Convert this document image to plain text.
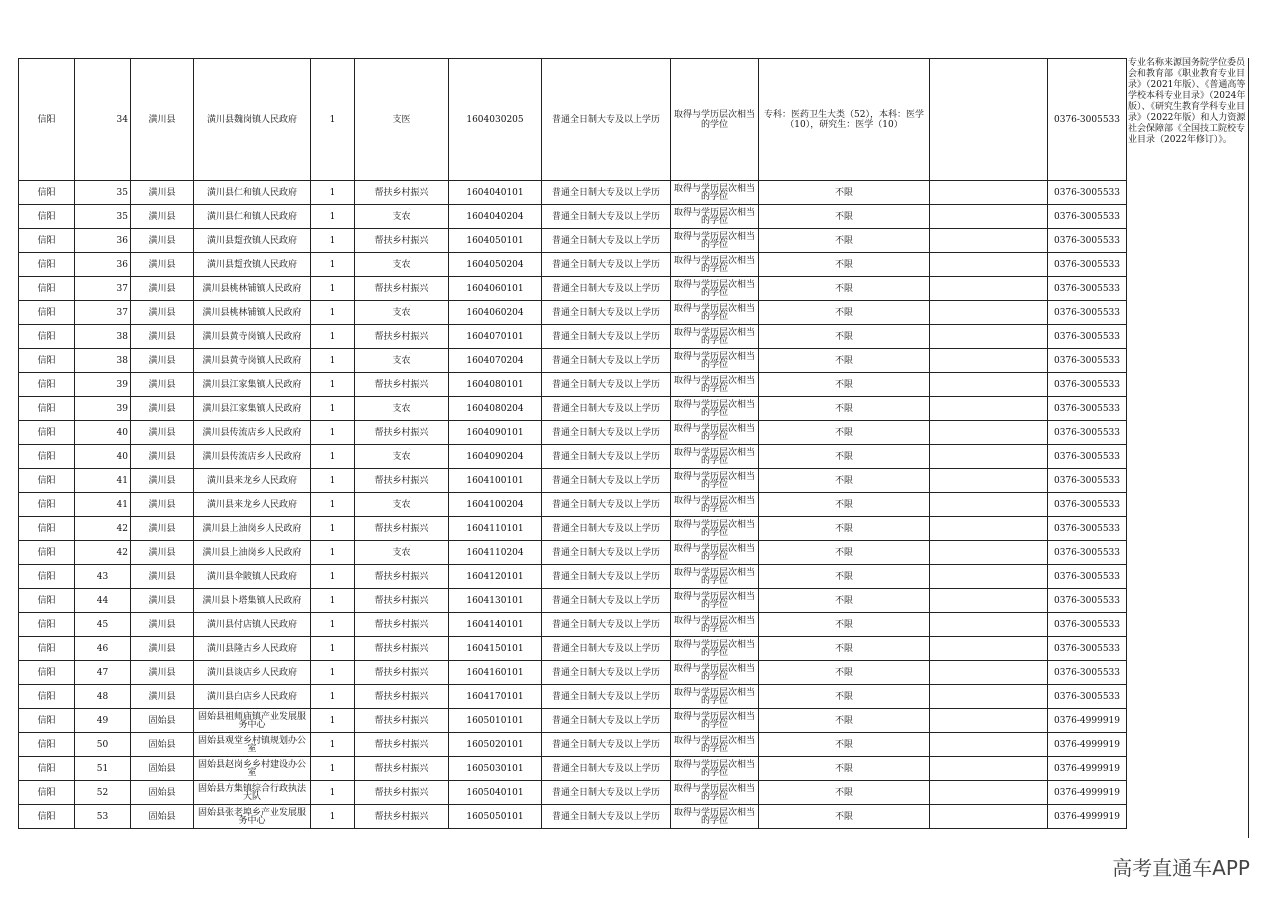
信阳	34	潢川县	潢川县魏岗镇人民政府	1	支医	1604030205	普通全日制大专及以上学历	取得与学历层次相当的学位	专科：医药卫生大类（52），本科：医学（10），研究生：医学（10）		0376-3005533
信阳	35	潢川县	潢川县仁和镇人民政府	1	帮扶乡村振兴	1604040101	普通全日制大专及以上学历	取得与学历层次相当的学位	不限		0376-3005533
信阳	35	潢川县	潢川县仁和镇人民政府	1	支农	1604040204	普通全日制大专及以上学历	取得与学历层次相当的学位	不限		0376-3005533
信阳	36	潢川县	潢川县踅孜镇人民政府	1	帮扶乡村振兴	1604050101	普通全日制大专及以上学历	取得与学历层次相当的学位	不限		0376-3005533
信阳	36	潢川县	潢川县踅孜镇人民政府	1	支农	1604050204	普通全日制大专及以上学历	取得与学历层次相当的学位	不限		0376-3005533
信阳	37	潢川县	潢川县桃林铺镇人民政府	1	帮扶乡村振兴	1604060101	普通全日制大专及以上学历	取得与学历层次相当的学位	不限		0376-3005533
信阳	37	潢川县	潢川县桃林铺镇人民政府	1	支农	1604060204	普通全日制大专及以上学历	取得与学历层次相当的学位	不限		0376-3005533
信阳	38	潢川县	潢川县黄寺岗镇人民政府	1	帮扶乡村振兴	1604070101	普通全日制大专及以上学历	取得与学历层次相当的学位	不限		0376-3005533
信阳	38	潢川县	潢川县黄寺岗镇人民政府	1	支农	1604070204	普通全日制大专及以上学历	取得与学历层次相当的学位	不限		0376-3005533
信阳	39	潢川县	潢川县江家集镇人民政府	1	帮扶乡村振兴	1604080101	普通全日制大专及以上学历	取得与学历层次相当的学位	不限		0376-3005533
信阳	39	潢川县	潢川县江家集镇人民政府	1	支农	1604080204	普通全日制大专及以上学历	取得与学历层次相当的学位	不限		0376-3005533
信阳	40	潢川县	潢川县传流店乡人民政府	1	帮扶乡村振兴	1604090101	普通全日制大专及以上学历	取得与学历层次相当的学位	不限		0376-3005533
信阳	40	潢川县	潢川县传流店乡人民政府	1	支农	1604090204	普通全日制大专及以上学历	取得与学历层次相当的学位	不限		0376-3005533
信阳	41	潢川县	潢川县来龙乡人民政府	1	帮扶乡村振兴	1604100101	普通全日制大专及以上学历	取得与学历层次相当的学位	不限		0376-3005533
信阳	41	潢川县	潢川县来龙乡人民政府	1	支农	1604100204	普通全日制大专及以上学历	取得与学历层次相当的学位	不限		0376-3005533
信阳	42	潢川县	潢川县上油岗乡人民政府	1	帮扶乡村振兴	1604110101	普通全日制大专及以上学历	取得与学历层次相当的学位	不限		0376-3005533
信阳	42	潢川县	潢川县上油岗乡人民政府	1	支农	1604110204	普通全日制大专及以上学历	取得与学历层次相当的学位	不限		0376-3005533
信阳	43	潢川县	潢川县伞陂镇人民政府	1	帮扶乡村振兴	1604120101	普通全日制大专及以上学历	取得与学历层次相当的学位	不限		0376-3005533
信阳	44	潢川县	潢川县卜塔集镇人民政府	1	帮扶乡村振兴	1604130101	普通全日制大专及以上学历	取得与学历层次相当的学位	不限		0376-3005533
信阳	45	潢川县	潢川县付店镇人民政府	1	帮扶乡村振兴	1604140101	普通全日制大专及以上学历	取得与学历层次相当的学位	不限		0376-3005533
信阳	46	潢川县	潢川县隆古乡人民政府	1	帮扶乡村振兴	1604150101	普通全日制大专及以上学历	取得与学历层次相当的学位	不限		0376-3005533
信阳	47	潢川县	潢川县谈店乡人民政府	1	帮扶乡村振兴	1604160101	普通全日制大专及以上学历	取得与学历层次相当的学位	不限		0376-3005533
信阳	48	潢川县	潢川县白店乡人民政府	1	帮扶乡村振兴	1604170101	普通全日制大专及以上学历	取得与学历层次相当的学位	不限		0376-3005533
信阳	49	固始县	固始县祖师庙镇产业发展服务中心	1	帮扶乡村振兴	1605010101	普通全日制大专及以上学历	取得与学历层次相当的学位	不限		0376-4999919
信阳	50	固始县	固始县观堂乡村镇规划办公室	1	帮扶乡村振兴	1605020101	普通全日制大专及以上学历	取得与学历层次相当的学位	不限		0376-4999919
信阳	51	固始县	固始县赵岗乡乡村建设办公室	1	帮扶乡村振兴	1605030101	普通全日制大专及以上学历	取得与学历层次相当的学位	不限		0376-4999919
信阳	52	固始县	固始县方集镇综合行政执法大队	1	帮扶乡村振兴	1605040101	普通全日制大专及以上学历	取得与学历层次相当的学位	不限		0376-4999919
信阳	53	固始县	固始县张老埠乡产业发展服务中心	1	帮扶乡村振兴	1605050101	普通全日制大专及以上学历	取得与学历层次相当的学位	不限		0376-4999919
专业名称来源国务院学位委员会和教育部《职业教育专业目录》（2021年版）、《普通高等学校本科专业目录》（2024年版）、《研究生教育学科专业目录》（2022年版）和人力资源社会保障部《全国技工院校专业目录（2022年修订）》。
高考直通车APP
